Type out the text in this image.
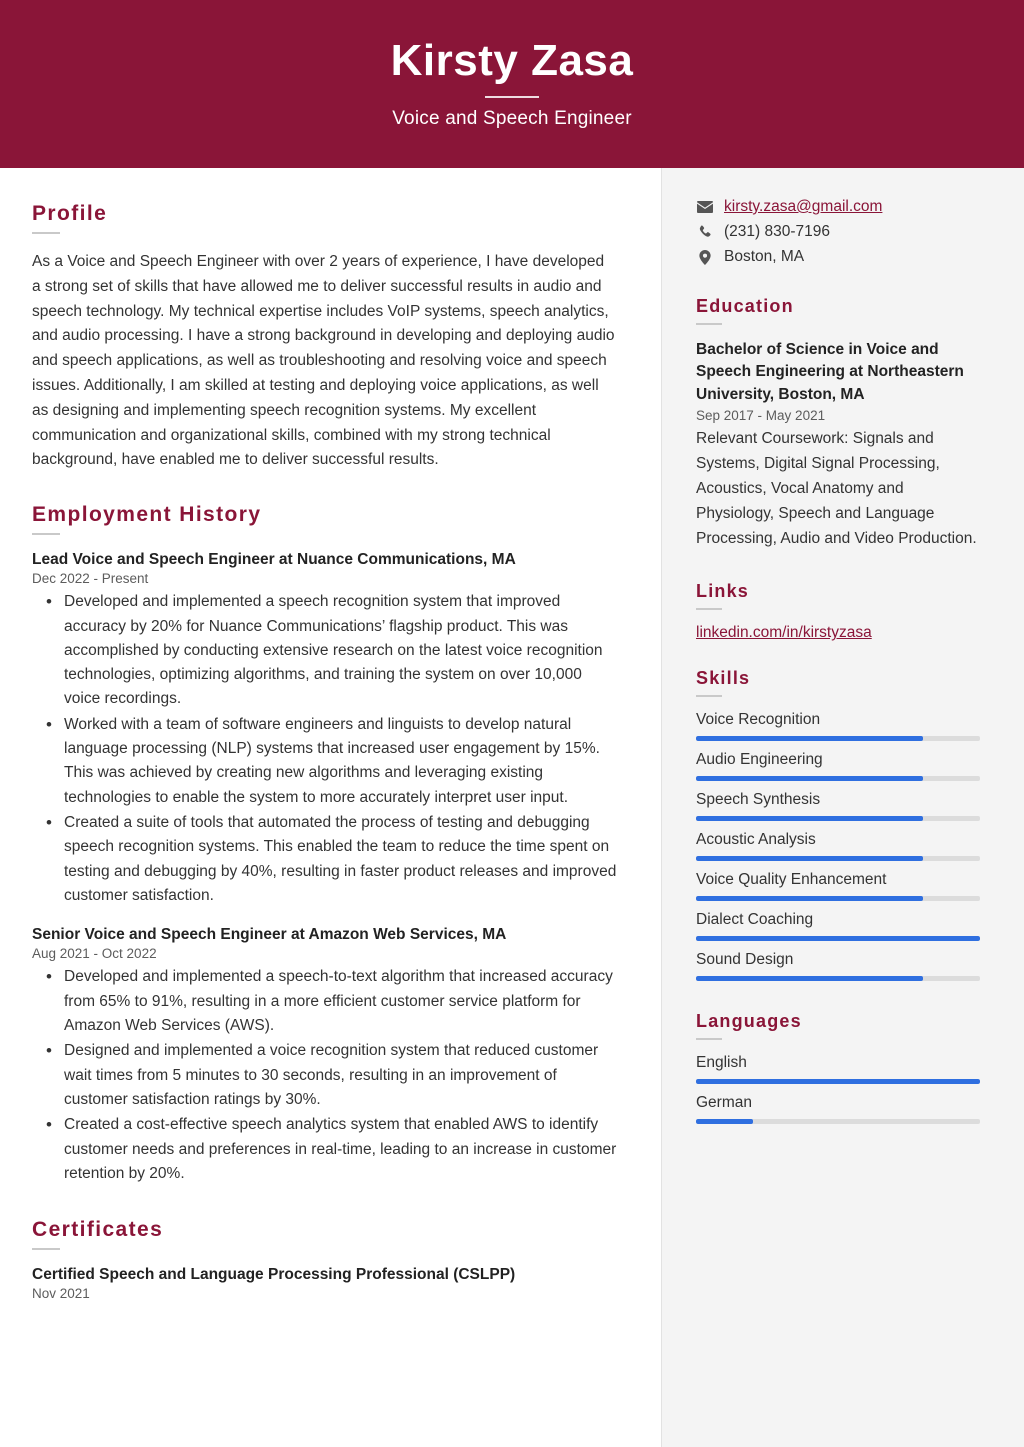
Kirsty Zasa
Voice and Speech Engineer
Profile

As a Voice and Speech Engineer with over 2 years of experience, I have developed a strong set of skills that have allowed me to deliver successful results in audio and speech technology. My technical expertise includes VoIP systems, speech analytics, and audio processing. I have a strong background in developing and deploying audio and speech applications, as well as troubleshooting and resolving voice and speech issues. Additionally, I am skilled at testing and deploying voice applications, as well as designing and implementing speech recognition systems. My excellent communication and organizational skills, combined with my strong technical background, have enabled me to deliver successful results.

Employment History
Lead Voice and Speech Engineer at Nuance Communications, MA
Dec 2022 - Present
• Developed and implemented a speech recognition system that improved accuracy by 20% for Nuance Communications’ flagship product. This was accomplished by conducting extensive research on the latest voice recognition technologies, optimizing algorithms, and training the system on over 10,000 voice recordings.
• Worked with a team of software engineers and linguists to develop natural language processing (NLP) systems that increased user engagement by 15%. This was achieved by creating new algorithms and leveraging existing technologies to enable the system to more accurately interpret user input.
• Created a suite of tools that automated the process of testing and debugging speech recognition systems. This enabled the team to reduce the time spent on testing and debugging by 40%, resulting in faster product releases and improved customer satisfaction.
Senior Voice and Speech Engineer at Amazon Web Services, MA
Aug 2021 - Oct 2022
• Developed and implemented a speech-to-text algorithm that increased accuracy from 65% to 91%, resulting in a more efficient customer service platform for Amazon Web Services (AWS).
• Designed and implemented a voice recognition system that reduced customer wait times from 5 minutes to 30 seconds, resulting in an improvement of customer satisfaction ratings by 30%.
• Created a cost-effective speech analytics system that enabled AWS to identify customer needs and preferences in real-time, leading to an increase in customer retention by 20%.
Certificates
Certified Speech and Language Processing Professional (CSLPP)
Nov 2021
kirsty.zasa@gmail.com
(231) 830-7196
Boston, MA
Education
Bachelor of Science in Voice and Speech Engineering at Northeastern University, Boston, MA
Sep 2017 - May 2021
Relevant Coursework: Signals and Systems, Digital Signal Processing, Acoustics, Vocal Anatomy and Physiology, Speech and Language Processing, Audio and Video Production.
Links
linkedin.com/in/kirstyzasa
Skills
Voice Recognition
Audio Engineering
Speech Synthesis
Acoustic Analysis
Voice Quality Enhancement
Dialect Coaching
Sound Design
Languages
English
German
